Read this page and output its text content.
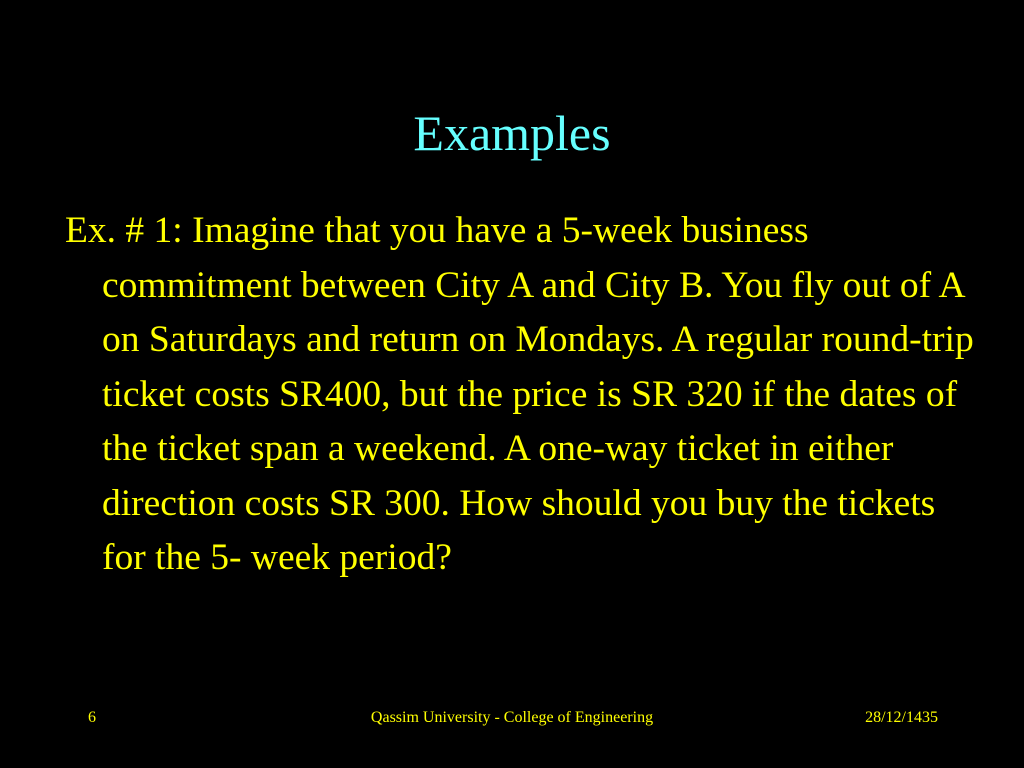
Examples
Ex. # 1: Imagine that you have a 5-week business commitment between City A and City B. You fly out of A on Saturdays and return on Mondays. A regular round-trip   ticket costs SR400, but the price is SR 320 if the dates of the ticket span a weekend. A one-way ticket in either direction costs SR 300. How should you buy the tickets for the 5- week period?
6	Qassim University - College of Engineering	28/12/1435
